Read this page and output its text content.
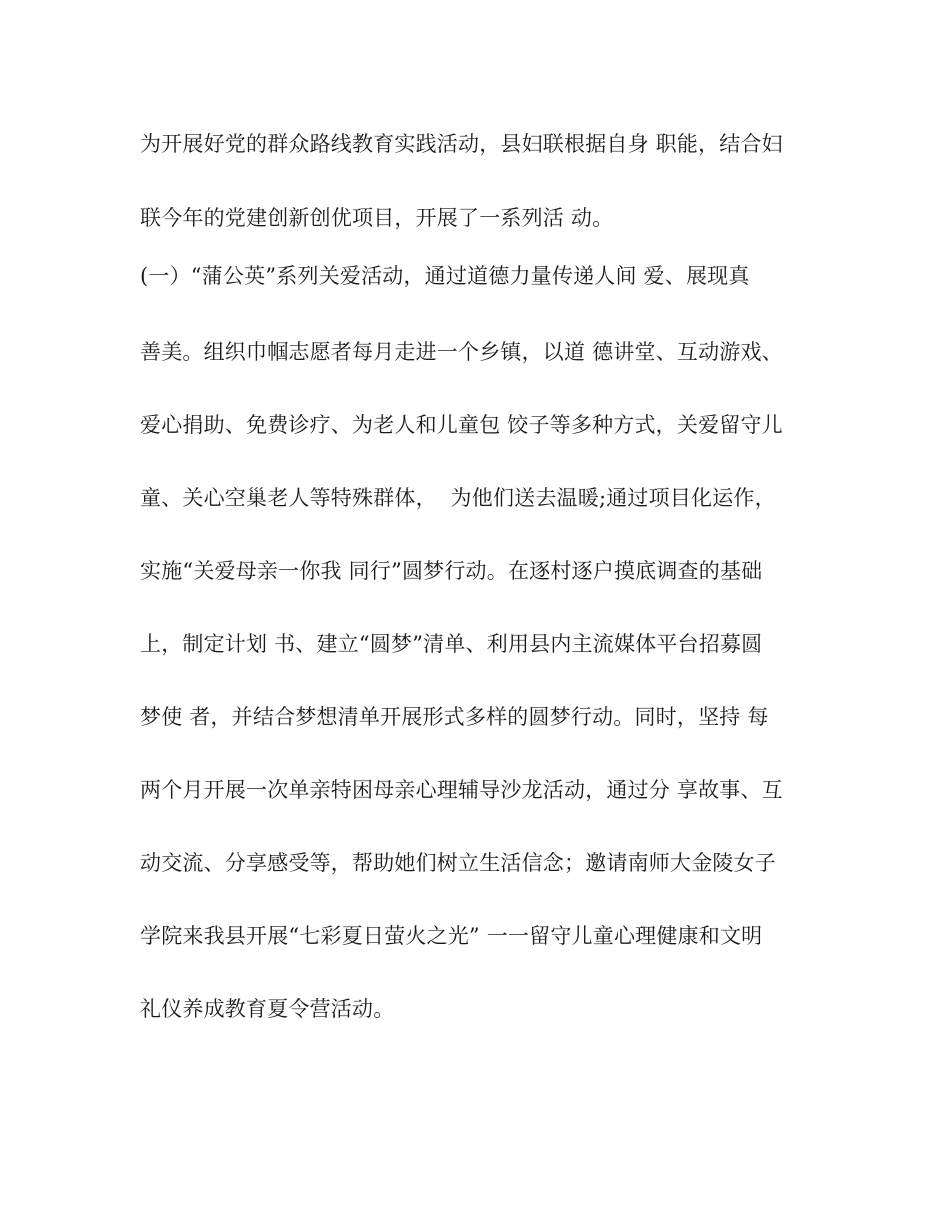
为开展好党的群众路线教育实践活动，县妇联根据自身 职能，结合妇
联今年的党建创新创优项目，开展了一系列活 动。
(一）“蒲公英”系列关爱活动，通过道德力量传递人间 爱、展现真
善美。组织巾帼志愿者每月走进一个乡镇，以道 德讲堂、互动游戏、
爱心捐助、免费诊疗、为老人和儿童包 饺子等多种方式，关爱留守儿
童、关心空巢老人等特殊群体，  为他们送去温暖;通过项目化运作，
实施“关爱母亲一你我 同行”圆梦行动。在逐村逐户摸底调查的基础
上，制定计划 书、建立“圆梦”清单、利用县内主流媒体平台招募圆
梦使 者，并结合梦想清单开展形式多样的圆梦行动。同时，坚持 每
两个月开展一次单亲特困母亲心理辅导沙龙活动，通过分 享故事、互
动交流、分享感受等，帮助她们树立生活信念；邀请南师大金陵女子
学院来我县开展“七彩夏日萤火之光” 一一留守儿童心理健康和文明
礼仪养成教育夏令营活动。
